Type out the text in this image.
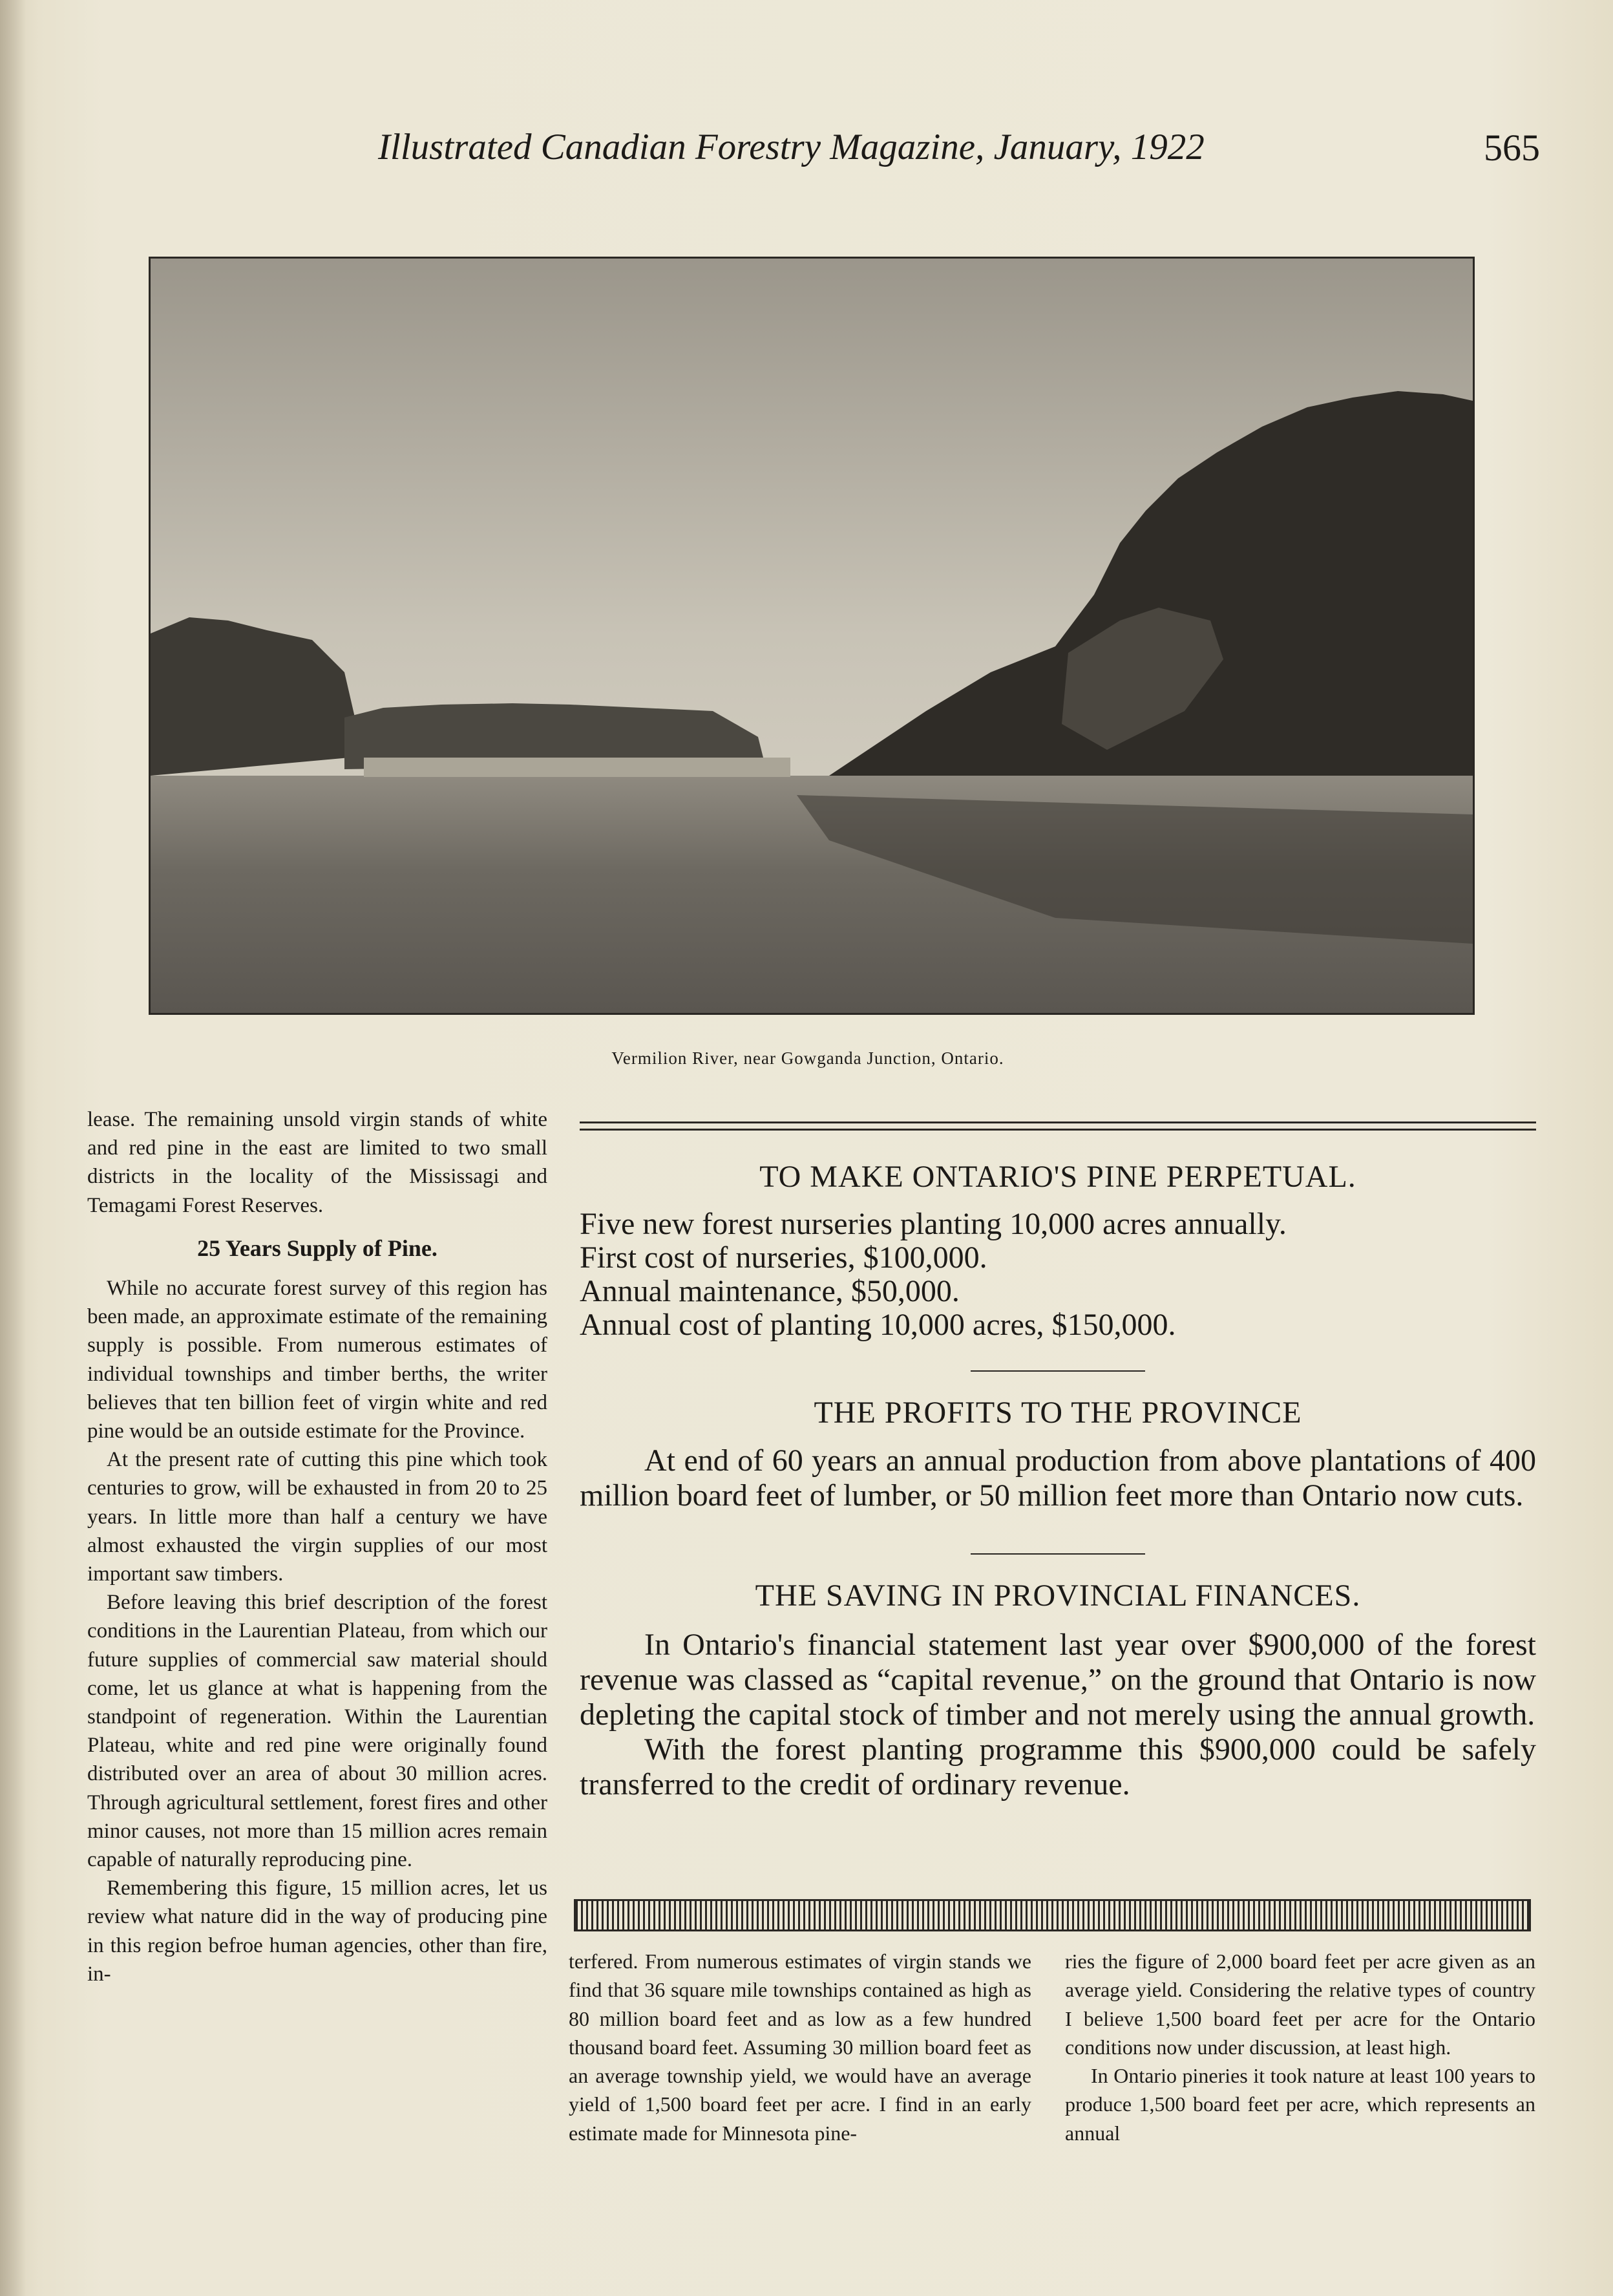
Illustrated Canadian Forestry Magazine, January, 1922	565
Vermilion River, near Gowganda Junction, Ontario.

lease. The remaining unsold virgin stands of white and red pine in the east are limited to two small districts in the locality of the Mississagi and Temagami Forest Reserves.

25 Years Supply of Pine.

While no accurate forest survey of this region has been made, an approximate estimate of the remaining supply is possible. From numerous estimates of individual townships and timber berths, the writer believes that ten billion feet of virgin white and red pine would be an outside estimate for the Province.

At the present rate of cutting this pine which took centuries to grow, will be exhausted in from 20 to 25 years. In little more than half a century we have almost exhausted the virgin supplies of our most important saw timbers.

Before leaving this brief description of the forest conditions in the Laurentian Plateau, from which our future supplies of commercial saw material should come, let us glance at what is happening from the standpoint of regeneration. Within the Laurentian Plateau, white and red pine were originally found distributed over an area of about 30 million acres. Through agricultural settlement, forest fires and other minor causes, not more than 15 million acres remain capable of naturally reproducing pine.

Remembering this figure, 15 million acres, let us review what nature did in the way of producing pine in this region befroe human agencies, other than fire, in-

TO MAKE ONTARIO'S PINE PERPETUAL.
Five new forest nurseries planting 10,000 acres annually.
First cost of nurseries, $100,000.
Annual maintenance, $50,000.
Annual cost of planting 10,000 acres, $150,000.
THE PROFITS TO THE PROVINCE

At end of 60 years an annual production from above plantations of 400 million board feet of lumber, or 50 million feet more than Ontario now cuts.

THE SAVING IN PROVINCIAL FINANCES.

In Ontario's financial statement last year over $900,000 of the forest revenue was classed as “capital revenue,” on the ground that Ontario is now depleting the capital stock of timber and not merely using the annual growth.

With the forest planting programme this $900,000 could be safely transferred to the credit of ordinary revenue.

terfered. From numerous estimates of virgin stands we find that 36 square mile townships contained as high as 80 million board feet and as low as a few hundred thousand board feet. Assuming 30 million board feet as an average township yield, we would have an average yield of 1,500 board feet per acre. I find in an early estimate made for Minnesota pine-

ries the figure of 2,000 board feet per acre given as an average yield. Considering the relative types of country I believe 1,500 board feet per acre for the Ontario conditions now under discussion, at least high.

In Ontario pineries it took nature at least 100 years to produce 1,500 board feet per acre, which represents an annual
